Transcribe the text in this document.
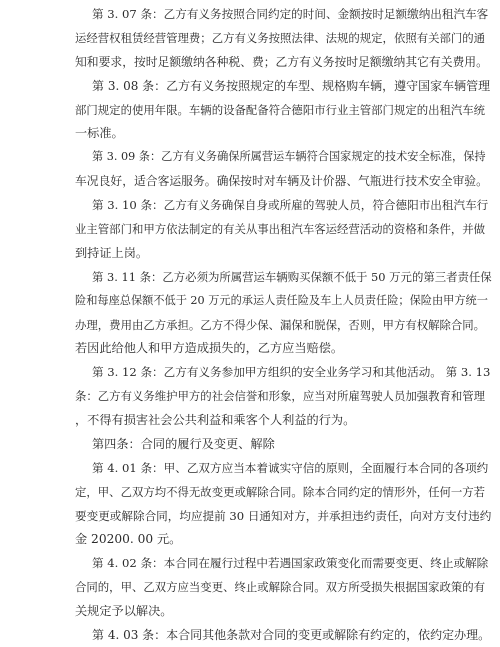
第 3. 07 条：乙方有义务按照合同约定的时间、金额按时足额缴纳出租汽车客
运经营权租赁经营管理费；乙方有义务按照法律、法规的规定，依照有关部门的通
知和要求，按时足额缴纳各种税、费；乙方有义务按时足额缴纳其它有关费用。
第 3. 08 条：乙方有义务按照规定的车型、规格购车辆，遵守国家车辆管理
部门规定的使用年限。车辆的设备配备符合德阳市行业主管部门规定的出租汽车统
一标准。
第 3. 09 条：乙方有义务确保所属营运车辆符合国家规定的技术安全标准，保持
车况良好，适合客运服务。确保按时对车辆及计价器、气瓶进行技术安全审验。
第 3. 10 条：乙方有义务确保自身或所雇的驾驶人员，符合德阳市出租汽车行
业主管部门和甲方依法制定的有关从事出租汽车客运经营活动的资格和条件，并做
到持证上岗。
第 3. 11 条：乙方必须为所属营运车辆购买保额不低于 50 万元的第三者责任保
险和每座总保额不低于 20 万元的承运人责任险及车上人员责任险；保险由甲方统一
办理，费用由乙方承担。乙方不得少保、漏保和脱保，否则，甲方有权解除合同。
若因此给他人和甲方造成损失的，乙方应当赔偿。
第 3. 12 条：乙方有义务参加甲方组织的安全业务学习和其他活动。 第 3. 13
条：乙方有义务维护甲方的社会信誉和形象，应当对所雇驾驶人员加强教育和管理
，不得有损害社会公共利益和乘客个人利益的行为。
第四条：合同的履行及变更、解除
第 4. 01 条：甲、乙双方应当本着诚实守信的原则，全面履行本合同的各项约
定，甲、乙双方均不得无故变更或解除合同。除本合同约定的情形外，任何一方若
要变更或解除合同，均应提前 30 日通知对方，并承担违约责任，向对方支付违约
金 20200. 00 元。
第 4. 02 条：本合同在履行过程中若遇国家政策变化而需要变更、终止或解除
合同的，甲、乙双方应当变更、终止或解除合同。双方所受损失根据国家政策的有
关规定予以解决。
第 4. 03 条：本合同其他条款对合同的变更或解除有约定的，依约定办理。
